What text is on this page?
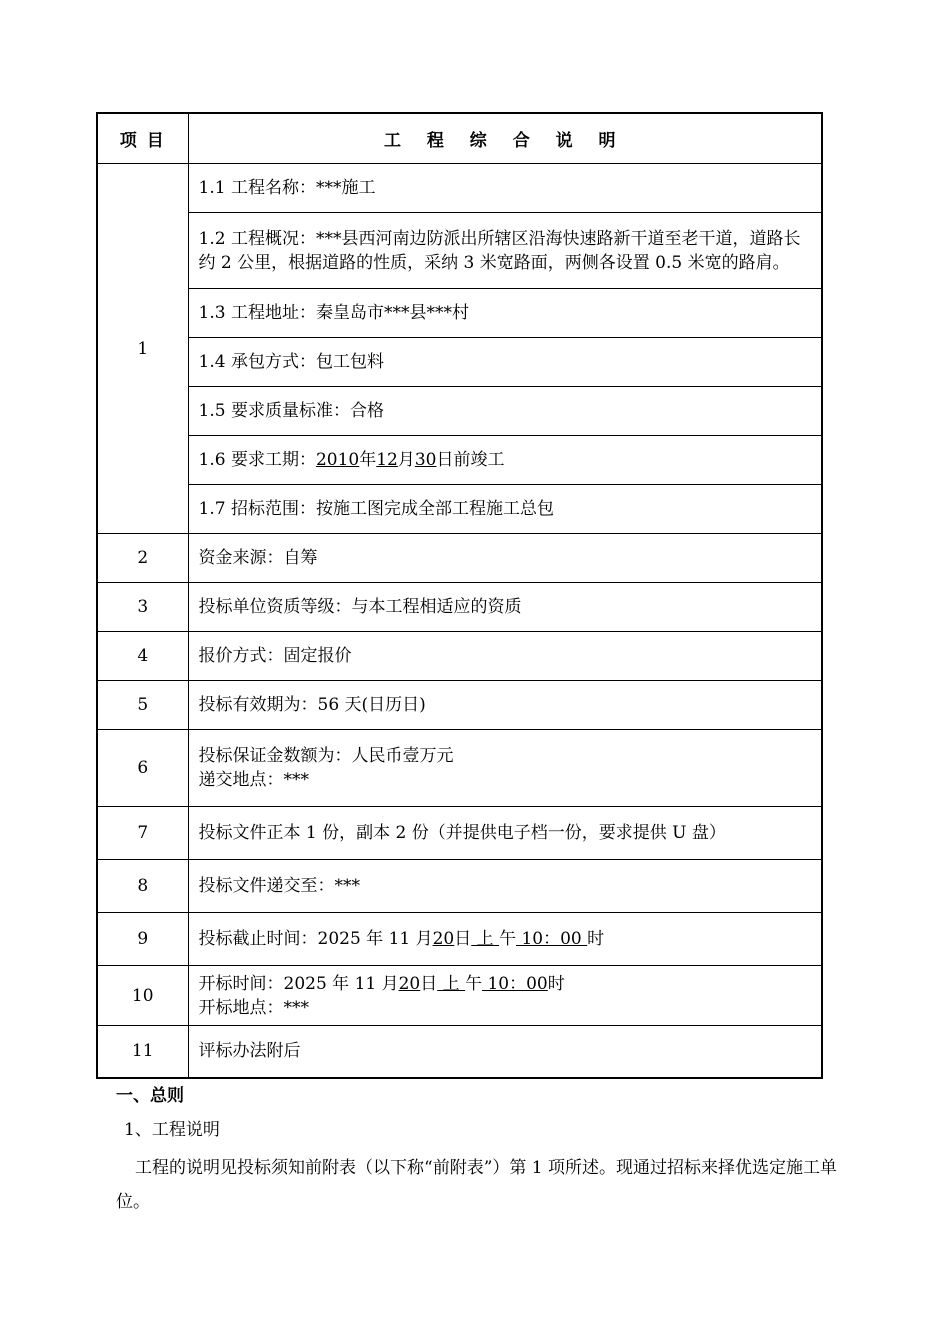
项 目	工 程 综 合 说 明
1	1.1 工程名称：***施工
	1.2 工程概况：***县西河南边防派出所辖区沿海快速路新干道至老干道，道路长约 2 公里，根据道路的性质，采纳 3 米宽路面，两侧各设置 0.5 米宽的路肩。
	1.3 工程地址：秦皇岛市***县***村
	1.4 承包方式：包工包料
	1.5 要求质量标准：合格
	1.6 要求工期：2010年12月30日前竣工
	1.7 招标范围：按施工图完成全部工程施工总包
2	资金来源：自筹
3	投标单位资质等级：与本工程相适应的资质
4	报价方式：固定报价
5	投标有效期为：56 天(日历日)
6	投标保证金数额为：人民币壹万元
递交地点：***

7	投标文件正本 1 份，副本 2 份（并提供电子档一份，要求提供 U 盘）
8	投标文件递交至：***
9	投标截止时间：2025 年 11 月20日 上 午 10：00 时
10	开标时间：2025 年 11 月20日 上 午 10：00时
开标地点：***

11	评标办法附后
一、总则
1、工程说明
工程的说明见投标须知前附表（以下称“前附表”）第 1 项所述。现通过招标来择优选定施工单位。
